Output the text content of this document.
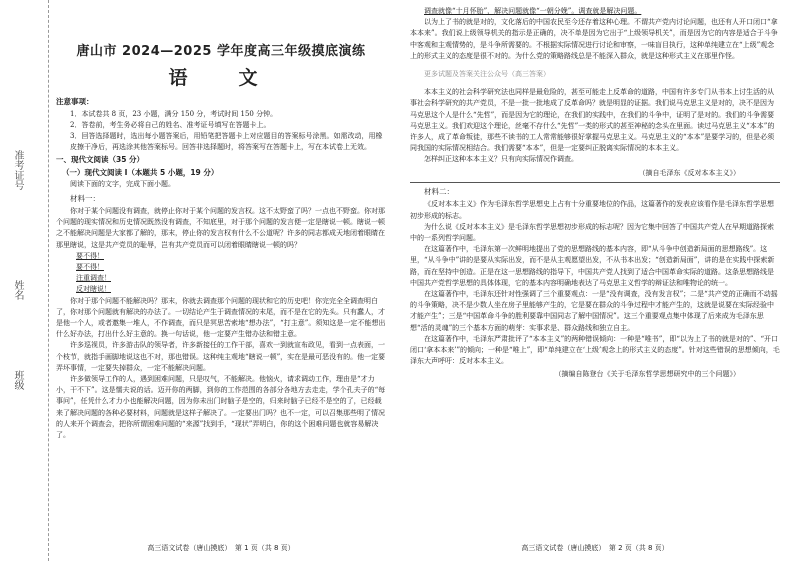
准考证号
姓名
班级
唐山市 2024—2025 学年度高三年级摸底演练
语　文
注意事项：
1．本试卷共 8 页，23 小题，满分 150 分，考试时间 150 分钟。
2．答卷前，考生务必将自己的姓名、准考证号填写在答题卡上。
3．回答选择题时，选出每小题答案后，用铅笔把答题卡上对应题目的答案标号涂黑。如需改动，用橡皮擦干净后，再选涂其他答案标号。回答非选择题时，将答案写在答题卡上，写在本试卷上无效。
一、现代文阅读（35 分）
（一）现代文阅读 I（本题共 5 小题，19 分）

阅读下面的文字，完成下面小题。

材料一：

你对于某个问题没有调查，就停止你对于某个问题的发言权。这不太野蛮了吗？一点也不野蛮。你对那个问题的现实情况和历史情况既然没有调查，不知底里，对于那个问题的发言便一定是瞎说一顿。瞎说一顿之不能解决问题是大家都了解的，那末，停止你的发言权有什么不公道呢？许多的同志都成天地闭着眼睛在那里瞎说，这是共产党员的耻辱，岂有共产党员而可以闭着眼睛瞎说一顿的吗？

要不得！
要不得！
注重调查！
反对瞎说！

你对于那个问题不能解决吗？那末，你就去调查那个问题的现状和它的历史吧！你完完全全调查明白了，你对那个问题就有解决的办法了。一切结论产生于调查情况的末尾，而不是在它的先头。只有蠢人，才是他一个人，或者邀集一堆人，不作调查，而只是冥思苦索地“想办法”，“打主意”。须知这是一定不能想出什么好办法，打出什么好主意的。换一句话说，他一定要产生错办法和错主意。

许多巡视员，许多游击队的领导者，许多新接任的工作干部，喜欢一到就宣布政见，看到一点表面，一个枝节，就指手画脚地说这也不对，那也错误。这种纯主观地“瞎说一顿”，实在是最可恶没有的。他一定要弄坏事情，一定要失掉群众，一定不能解决问题。

许多做领导工作的人，遇到困难问题，只是叹气，不能解决。他恼火，请求调动工作，理由是“才力小，干不下”。这是懦夫说的话。迈开你的两脚，到你的工作范围的各部分各地方去走走，学个孔夫子的“每事问”，任凭什么才力小也能解决问题，因为你未出门时脑子是空的，归来时脑子已经不是空的了，已经载来了解决问题的各种必要材料，问题就是这样子解决了。一定要出门吗？也不一定，可以召集那些明了情况的人来开个调查会，把你所谓困难问题的“来源”找到手，“现状”弄明白，你的这个困难问题也就容易解决了。

调查就像“十月怀胎”，解决问题就像“一朝分娩”。调查就是解决问题。

以为上了书的就是对的，文化落后的中国农民至今还存着这种心理。不谓共产党内讨论问题，也还有人开口闭口“拿本本来”。我们说上级领导机关的指示是正确的，决不单是因为它出于“上级领导机关”，而是因为它的内容是适合于斗争中客观和主观情势的，是斗争所需要的。不根据实际情况进行讨论和审察，一味盲目执行，这种单纯建立在“上级”观念上的形式主义的态度是很不对的。为什么党的策略路线总是不能深入群众，就是这种形式主义在那里作怪。

更多试题及答案关注公众号（高三答案）

本本主义的社会科学研究法也同样是最危险的，甚至可能走上反革命的道路，中国有许多专门从书本上讨生活的从事社会科学研究的共产党员，不是一批一批地成了反革命吗？就是明显的证据。我们说马克思主义是对的，决不是因为马克思这个人是什么“先哲”，而是因为它的理论，在我们的实践中，在我们的斗争中，证明了是对的。我们的斗争需要马克思主义。我们欢迎这个理论，丝毫不存什么“先哲”一类的形式的甚至神秘的念头在里面。读过马克思主义“本本”的许多人，成了革命叛徒，那些不读书的工人常常能够很好掌握马克思主义。马克思主义的“本本”是要学习的，但是必须同我国的实际情况相结合。我们需要“本本”，但是一定要纠正脱离实际情况的本本主义。

怎样纠正这种本本主义？只有向实际情况作调查。

（摘自毛泽东《反对本本主义》）
材料二：

《反对本本主义》作为毛泽东哲学思想史上占有十分重要地位的作品，这篇著作的发表应该看作是毛泽东哲学思想初步形成的标志。

为什么说《反对本本主义》是毛泽东哲学思想初步形成的标志呢？因为它集中回答了中国共产党人在早期道路探索中的一系列哲学问题。

在这篇著作中，毛泽东第一次鲜明地提出了党的思想路线的基本内容，即“从斗争中创造新局面的思想路线”。这里，“从斗争中”讲的是要从实际出发，而不是从主观愿望出发，不从书本出发；“创造新局面”，讲的是在实践中探索新路，而在坚持中创造。正是在这一思想路线的指导下，中国共产党人找到了适合中国革命实际的道路。这条思想路线是中国共产党哲学思想的具体体现，它的基本内容明确地表达了马克思主义哲学的辩证法和唯物论的统一。

在这篇著作中，毛泽东还针对性强调了三个重要观点：一是“没有调查，没有发言权”；二是“共产党的正确而不动摇的斗争策略，决不是少数人坐在房子里能够产生的，它是要在群众的斗争过程中才能产生的，这就是说要在实际经验中才能产生”；三是“中国革命斗争的胜利要靠中国同志了解中国情况”。这三个重要观点集中体现了后来成为毛泽东思想“活的灵魂”的三个基本方面的萌芽：实事求是、群众路线和独立自主。

在这篇著作中，毛泽东严肃批评了“本本主义”的两种错误倾向：一种是“唯书”，即“以为上了书的就是对的”、“开口闭口‘拿本本来’”的倾向；一种是“唯上”，即“单纯建立在‘上级’观念上的形式主义的态度”。针对这些错误的思想倾向，毛泽东大声呼吁：反对本本主义。

（摘编自陈登台《关于毛泽东哲学思想研究中的三个问题》）
高三语文试卷（唐山摸底）　第 1 页（共 8 页）	高三语文试卷（唐山摸底）　第 2 页（共 8 页）
